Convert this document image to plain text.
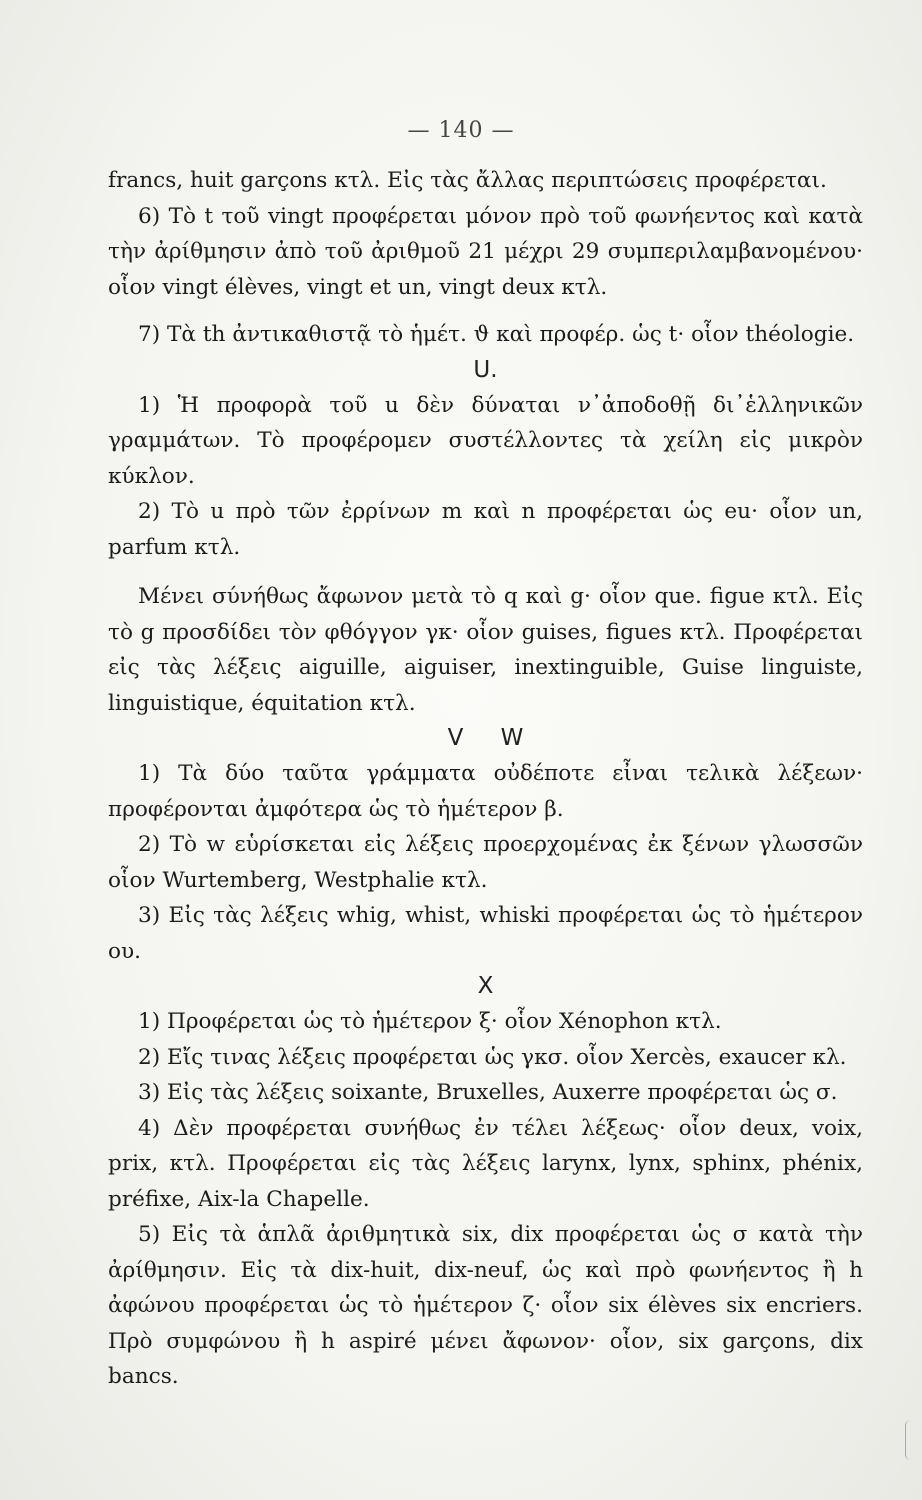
— 140 —

francs, huit garçons κτλ. Εἰς τὰς ἄλλας περιπτώσεις προφέρεται.

6) Τὸ t τοῦ vingt προφέρεται μόνον πρὸ τοῦ φωνήεντος καὶ κατὰ τὴν ἀρίθμησιν ἀπὸ τοῦ ἀριθμοῦ 21 μέχρι 29 συμπεριλαμβανομένου· οἷον vingt élèves, vingt et un, vingt deux κτλ.

7) Τὰ th ἀντικαθιστᾷ τὸ ἡμέτ. ϑ καὶ προφέρ. ὡς t· οἷον théologie.

U.

1) Ἡ προφορὰ τοῦ u δὲν δύναται ν᾽ἀποδοθῇ δι᾽ἑλληνικῶν γραμμάτων. Τὸ προφέρομεν συστέλλοντες τὰ χείλη εἰς μικρὸν κύκλον.

2) Τὸ u πρὸ τῶν ἐρρίνων m καὶ n προφέρεται ὡς eu· οἷον un, parfum κτλ.

Μένει σύνήθως ἄφωνον μετὰ τὸ q καὶ g· οἷον que. figue κτλ. Εἰς τὸ g προσδίδει τὸν φθόγγον γκ· οἷον guises, figues κτλ. Προφέρεται εἰς τὰς λέξεις aiguille, aiguiser, inextinguible, Guise linguiste, linguistique, équitation κτλ.

V W

1) Τὰ δύο ταῦτα γράμματα οὐδέποτε εἶναι τελικὰ λέξεων· προφέρονται ἀμφότερα ὡς τὸ ἡμέτερον β.

2) Τὸ w εὑρίσκεται εἰς λέξεις προερχομένας ἐκ ξένων γλωσσῶν οἷον Wurtemberg, Westphalie κτλ.

3) Εἰς τὰς λέξεις whig, whist, whiski προφέρεται ὡς τὸ ἡμέτερον ου.

X

1) Προφέρεται ὡς τὸ ἡμέτερον ξ· οἷον Xénophon κτλ.

2) Εἴς τινας λέξεις προφέρεται ὡς γκσ. οἷον Xercès, exaucer κλ.

3) Εἰς τὰς λέξεις soixante, Bruxelles, Auxerre προφέρεται ὡς σ.

4) Δὲν προφέρεται συνήθως ἐν τέλει λέξεως· οἷον deux, voix, prix, κτλ. Προφέρεται εἰς τὰς λέξεις larynx, lynx, sphinx, phénix, préfixe, Aix-la Chapelle.

5) Εἰς τὰ ἁπλᾶ ἀριθμητικὰ six, dix προφέρεται ὡς σ κατὰ τὴν ἀρίθμησιν. Εἰς τὰ dix-huit, dix-neuf, ὡς καὶ πρὸ φωνήεντος ἢ h ἀφώνου προφέρεται ὡς τὸ ἡμέτερον ζ· οἷον six élèves six encriers. Πρὸ συμφώνου ἢ h aspiré μένει ἄφωνον· οἷον, six garçons, dix bancs.
